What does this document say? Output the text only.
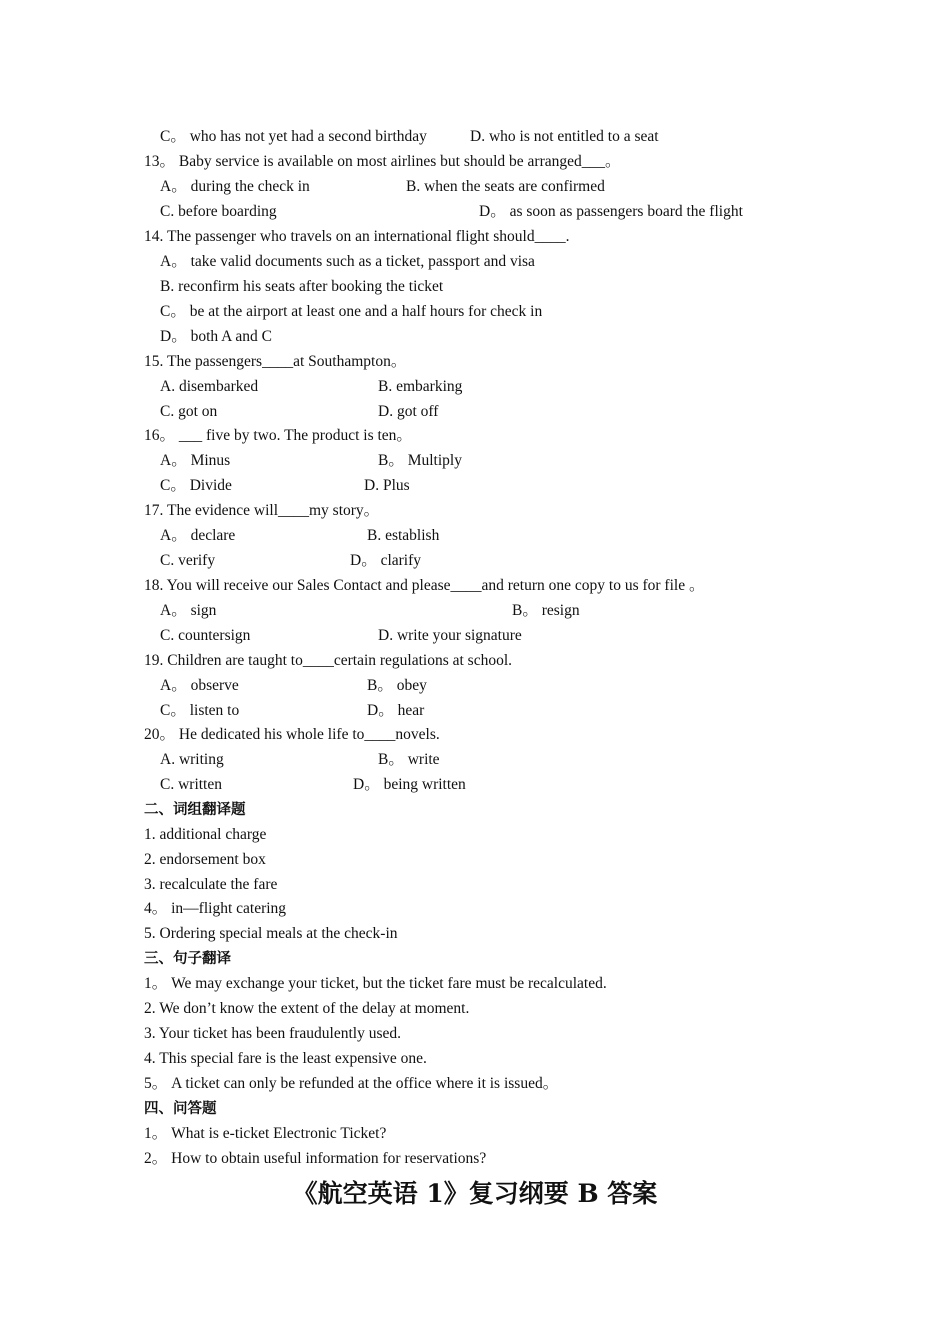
C。 who has not yet had a second birthday	D. who is not entitled to a seat
13。 Baby service is available on most airlines but should be arranged___。
A。 during the check in	B. when the seats are confirmed
C. before boarding	D。 as soon as passengers board the flight
14. The passenger who travels on an international flight should____.
A。 take valid documents such as a ticket, passport and visa
B. reconfirm his seats after booking the ticket
C。 be at the airport at least one and a half hours for check in
D。 both A and C
15. The passengers____at Southampton。
A. disembarked	B. embarking
C. got on	D. got off
16。 ___ five by two. The product is ten。
A。 Minus	B。 Multiply
C。 Divide	D. Plus
17. The evidence will____my story。
A。 declare	B. establish
C. verify	D。 clarify
18. You will receive our Sales Contact and please____and return one copy to us for file 。
A。 sign	B。 resign
C. countersign	D. write your signature
19. Children are taught to____certain regulations at school.
A。 observe	B。 obey
C。 listen to	D。 hear
20。 He dedicated his whole life to____novels.
A. writing	B。 write
C. written	D。 being written
二、词组翻译题
1. additional charge
2. endorsement box
3. recalculate the fare
4。 in—flight catering
5. Ordering special meals at the check-in
三、句子翻译
1。 We may exchange your ticket, but the ticket fare must be recalculated.
2. We don’t know the extent of the delay at moment.
3. Your ticket has been fraudulently used.
4. This special fare is the least expensive one.
5。 A ticket can only be refunded at the office where it is issued。
四、问答题
1。 What is e-ticket Electronic Ticket?
2。 How to obtain useful information for reservations?
《航空英语 1》复习纲要 B 答案
